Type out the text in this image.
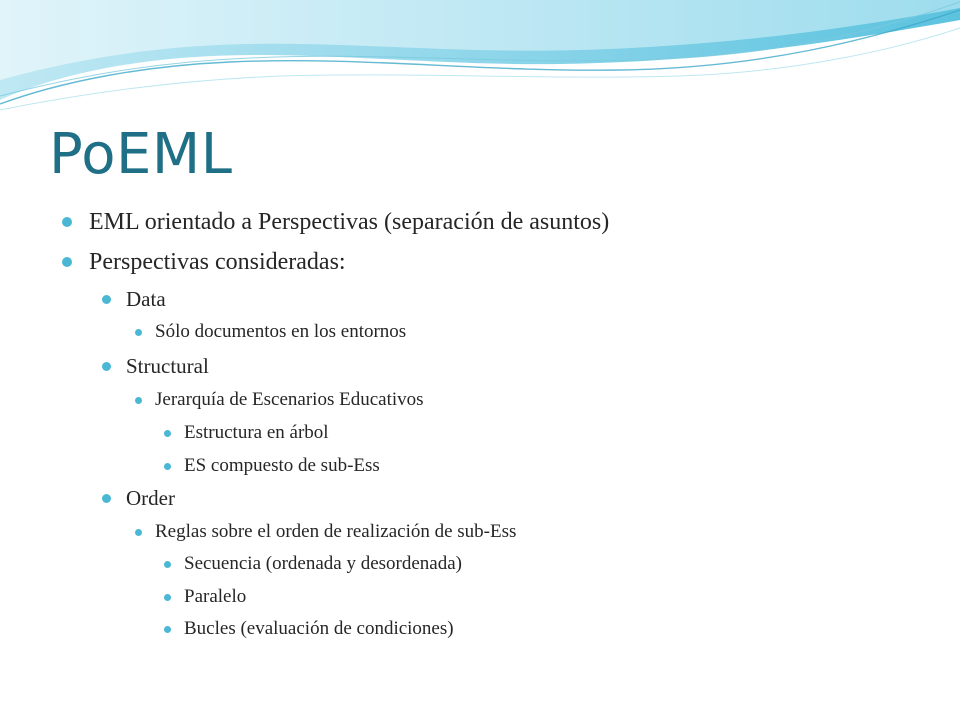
PoEML
EML orientado a Perspectivas (separación de asuntos)
Perspectivas consideradas:
Data
Sólo documentos en los entornos
Structural
Jerarquía de Escenarios Educativos
Estructura en árbol
ES compuesto de sub-Ess
Order
Reglas sobre el orden de realización de sub-Ess
Secuencia (ordenada y desordenada)
Paralelo
Bucles (evaluación de condiciones)
